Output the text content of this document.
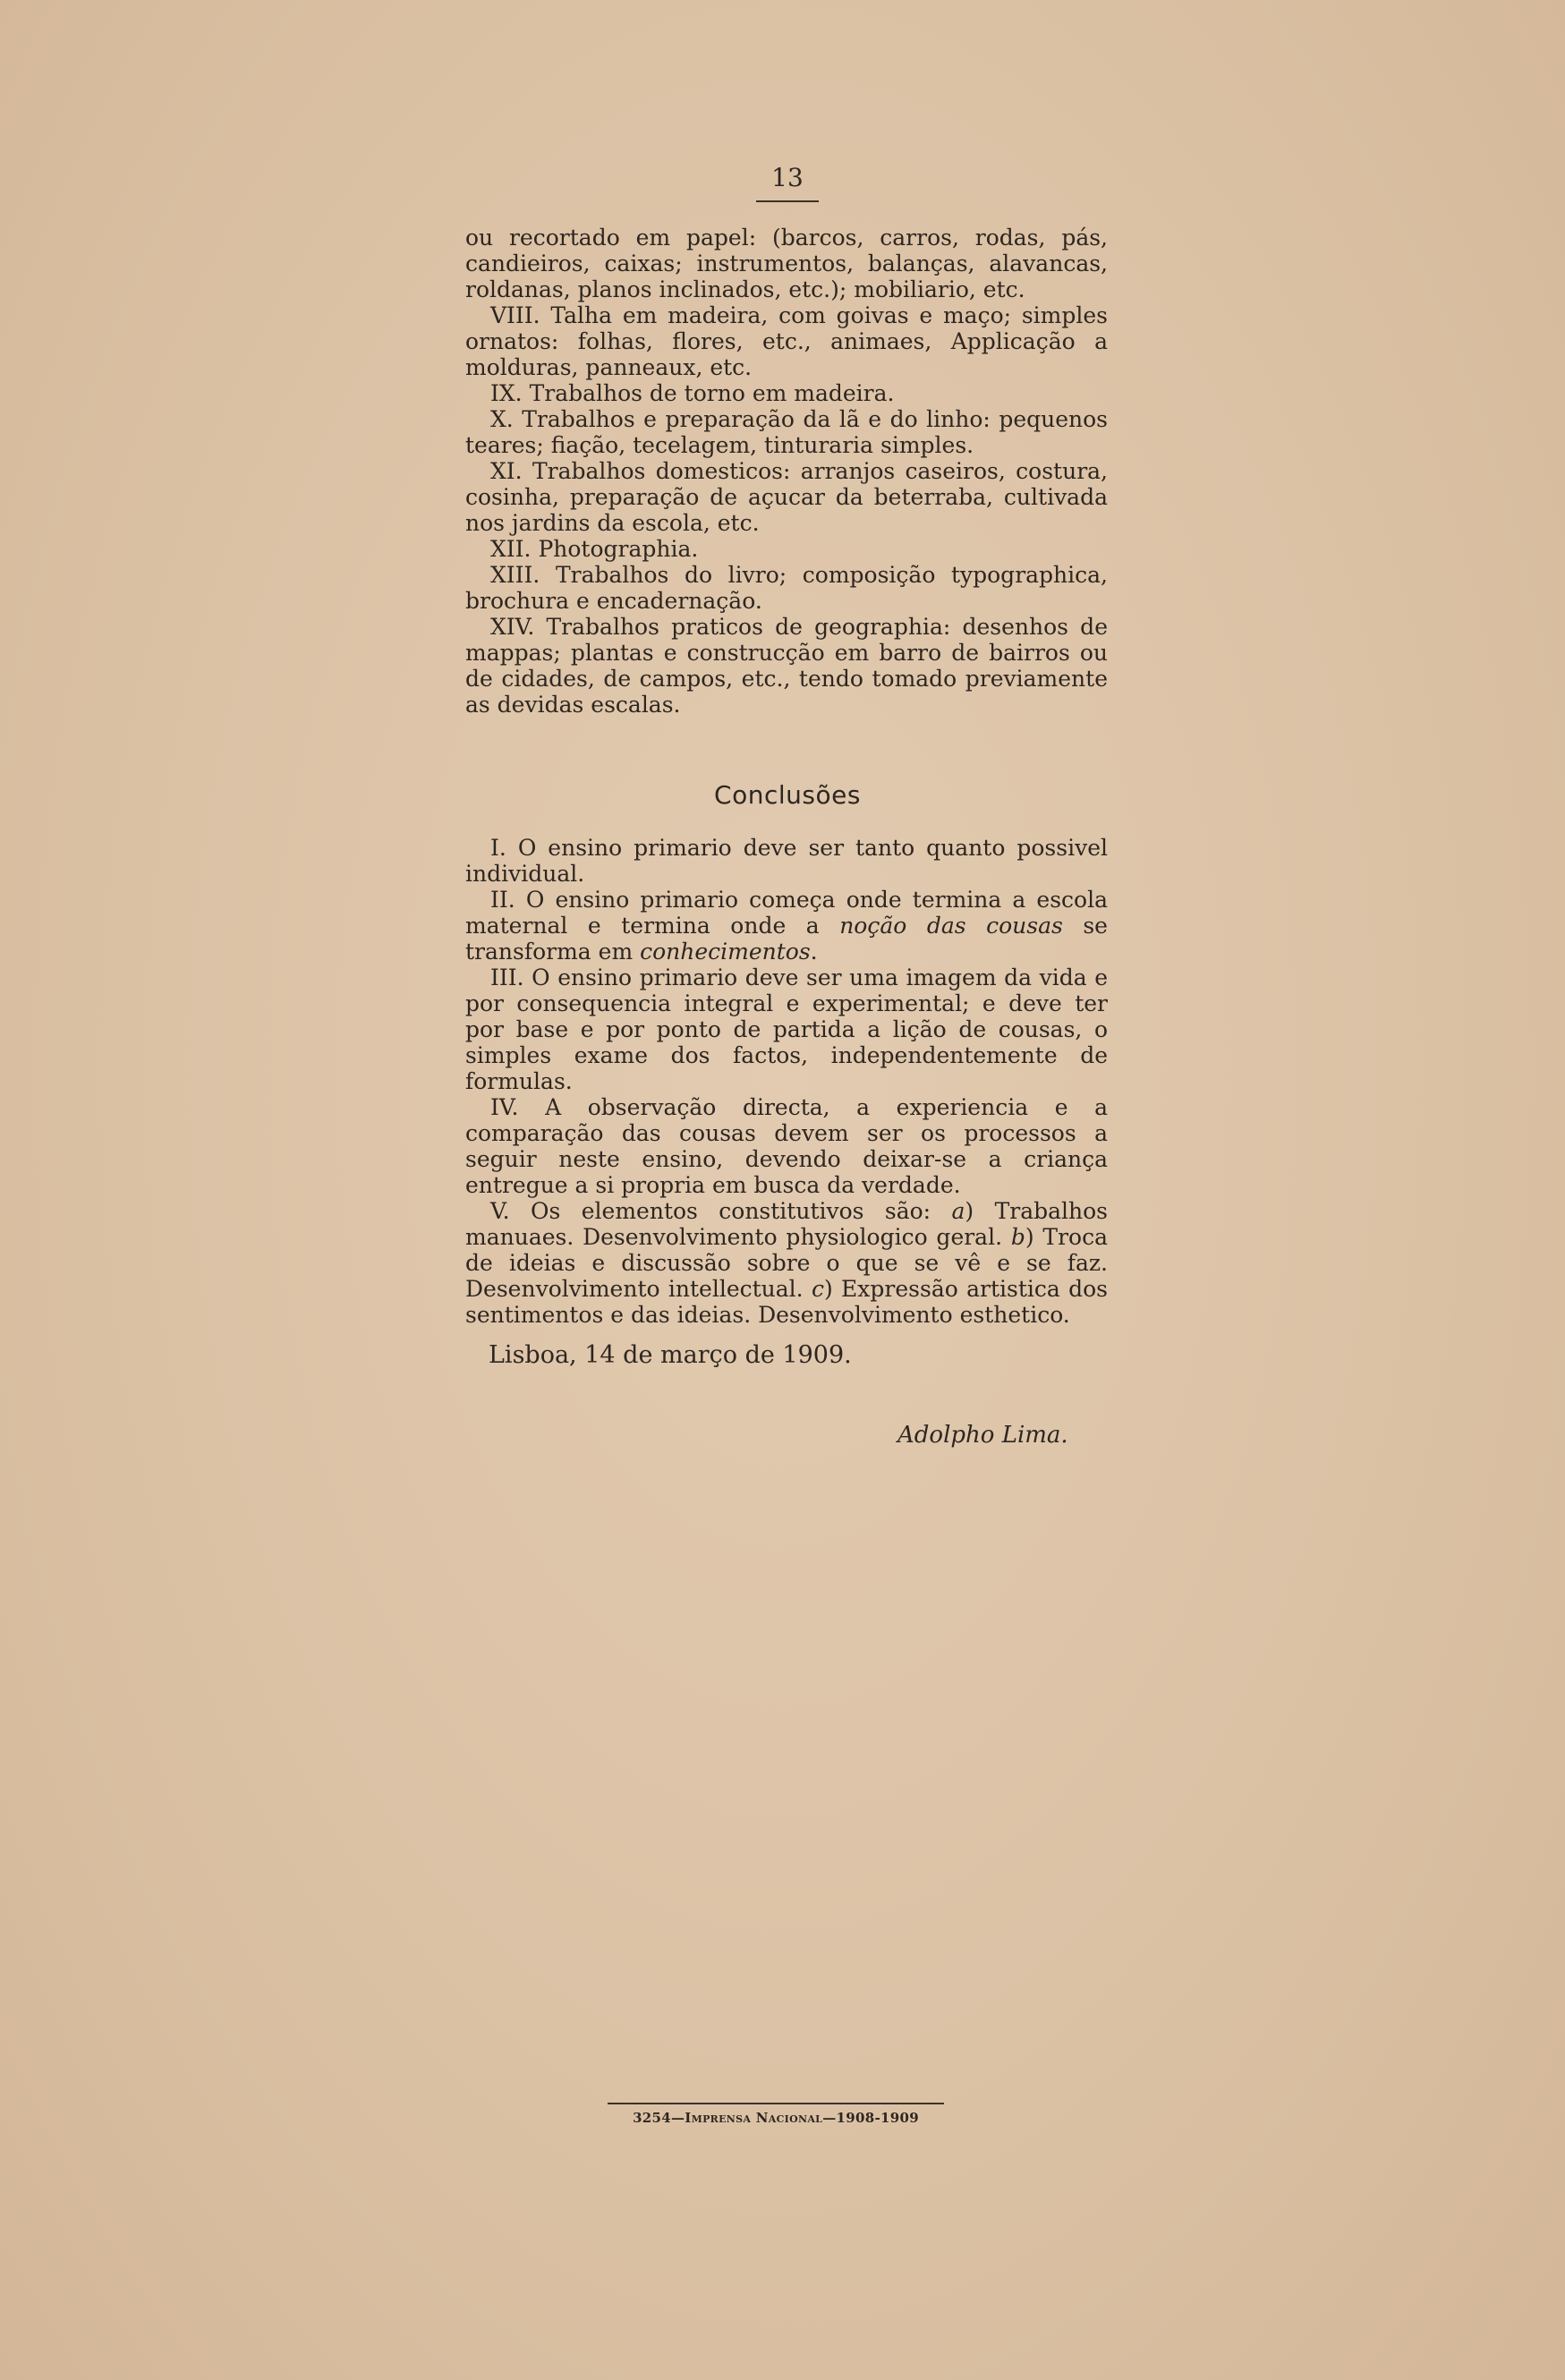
13

ou recortado em papel: (barcos, carros, rodas, pás, candieiros, caixas; instrumentos, balanças, alavancas, roldanas, planos inclinados, etc.); mobiliario, etc.

VIII. Talha em madeira, com goivas e maço; simples ornatos: folhas, flores, etc., animaes, Applicação a molduras, panneaux, etc.

IX. Trabalhos de torno em madeira.

X. Trabalhos e preparação da lã e do linho: pequenos teares; fiação, tecelagem, tinturaria simples.

XI. Trabalhos domesticos: arranjos caseiros, costura, cosinha, preparação de açucar da beterraba, cultivada nos jardins da escola, etc.

XII. Photographia.

XIII. Trabalhos do livro; composição typographica, brochura e encadernação.

XIV. Trabalhos praticos de geographia: desenhos de mappas; plantas e construcção em barro de bairros ou de cidades, de campos, etc., tendo tomado previamente as devidas escalas.

Conclusões

I. O ensino primario deve ser tanto quanto possivel individual.

II. O ensino primario começa onde termina a escola maternal e termina onde a noção das cousas se transforma em conhecimentos.

III. O ensino primario deve ser uma imagem da vida e por consequencia integral e experimental; e deve ter por base e por ponto de partida a lição de cousas, o simples exame dos factos, independentemente de formulas.

IV. A observação directa, a experiencia e a comparação das cousas devem ser os processos a seguir neste ensino, devendo deixar-se a criança entregue a si propria em busca da verdade.

V. Os elementos constitutivos são: a) Trabalhos manuaes. Desenvolvimento physiologico geral. b) Troca de ideias e discussão sobre o que se vê e se faz. Desenvolvimento intellectual. c) Expressão artistica dos sentimentos e das ideias. Desenvolvimento esthetico.

Lisboa, 14 de março de 1909.
Adolpho Lima.
3254—Imprensa Nacional—1908-1909
